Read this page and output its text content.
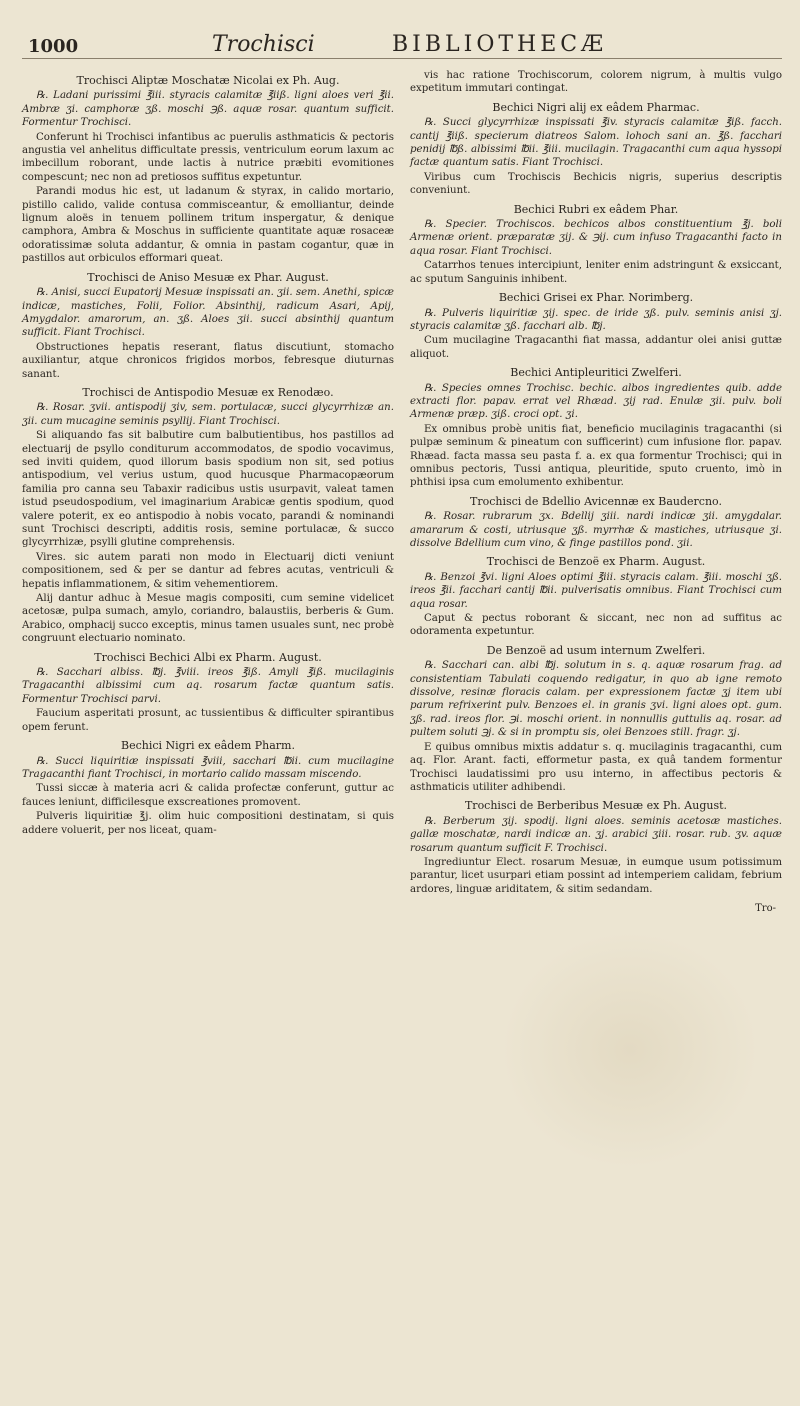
1000	Trochisci	BIBLIOTHECÆ

Trochisci Aliptæ Moschatæ Nicolai ex Ph. Aug.

℞. Ladani purissimi ℥iii. styracis calamitæ ℥iiß. ligni aloes veri ℥ii. Ambræ ʒi. camphoræ ʒß. moschi ℈ß. aquæ rosar. quantum sufficit. Formentur Trochisci.

Conferunt hi Trochisci infantibus ac puerulis asthmaticis & pectoris angustia vel anhelitus difficultate pressis, ventriculum eorum laxum ac imbecillum roborant, unde lactis à nutrice præbiti evomitiones compescunt; nec non ad pretiosos suffitus expetuntur.

Parandi modus hic est, ut ladanum & styrax, in calido mortario, pistillo calido, valide contusa commisceantur, & emolliantur, deinde lignum aloës in tenuem pollinem tritum inspergatur, & denique camphora, Ambra & Moschus in sufficiente quantitate aquæ rosaceæ odoratissimæ soluta addantur, & omnia in pastam cogantur, quæ in pastillos aut orbiculos efformari queat.

Trochisci de Aniso Mesuæ ex Phar. August.

℞. Anisi, succi Eupatorij Mesuæ inspissati an. ʒii. sem. Anethi, spicæ indicæ, mastiches, Folii, Folior. Absinthij, radicum Asari, Apij, Amygdalor. amarorum, an. ʒß. Aloes ʒii. succi absinthij quantum sufficit. Fiant Trochisci.

Obstructiones hepatis reserant, flatus discutiunt, stomacho auxiliantur, atque chronicos frigidos morbos, febresque diuturnas sanant.

Trochisci de Antispodio Mesuæ ex Renodæo.

℞. Rosar. ʒvii. antispodij ʒiv, sem. portulacæ, succi glycyrrhizæ an. ʒii. cum mucagine seminis psyllij. Fiant Trochisci.

Si aliquando fas sit balbutire cum balbutientibus, hos pastillos ad electuarij de psyllo conditurum accommodatos, de spodio vocavimus, sed inviti quidem, quod illorum basis spodium non sit, sed potius antispodium, vel verius ustum, quod hucusque Pharmacopæorum familia pro canna seu Tabaxir radicibus ustis usurpavit, valeat tamen istud pseudospodium, vel imaginarium Arabicæ gentis spodium, quod valere poterit, ex eo antispodio à nobis vocato, parandi & nominandi sunt Trochisci descripti, additis rosis, semine portulacæ, & succo glycyrrhizæ, psylli glutine comprehensis.

Vires. sic autem parati non modo in Electuarij dicti veniunt compositionem, sed & per se dantur ad febres acutas, ventriculi & hepatis inflammationem, & sitim vehementiorem.

Alij dantur adhuc à Mesue magis compositi, cum semine videlicet acetosæ, pulpa sumach, amylo, coriandro, balaustiis, berberis & Gum. Arabico, omphacij succo exceptis, minus tamen usuales sunt, nec probè congruunt electuario nominato.

Trochisci Bechici Albi ex Pharm. August.

℞. Sacchari albiss. ℔j. ℥viii. ireos ℥iß. Amyli ℥iß. mucilaginis Tragacanthi albissimi cum aq. rosarum factæ quantum satis. Formentur Trochisci parvi.

Faucium asperitati prosunt, ac tussientibus & difficulter spirantibus opem ferunt.

Bechici Nigri ex eâdem Pharm.

℞. Succi liquiritiæ inspissati ℥viii, sacchari ℔ii. cum mucilagine Tragacanthi fiant Trochisci, in mortario calido massam miscendo.

Tussi siccæ à materia acri & calida profectæ conferunt, guttur ac fauces leniunt, difficilesque exscreationes promovent.

Pulveris liquiritiæ ℥j. olim huic compositioni destinatam, si quis addere voluerit, per nos liceat, quam-

vis hac ratione Trochiscorum, colorem nigrum, à multis vulgo expetitum immutari contingat.

Bechici Nigri alij ex eâdem Pharmac.

℞. Succi glycyrrhizæ inspissati ℥iv. styracis calamitæ ℥iß. facch. cantij ℥iiß. specierum diatreos Salom. lohoch sani an. ℥ß. facchari penidij ℔ß. albissimi ℔ii. ℥iii. mucilagin. Tragacanthi cum aqua hyssopi factæ quantum satis. Fiant Trochisci.

Viribus cum Trochiscis Bechicis nigris, superius descriptis conveniunt.

Bechici Rubri ex eâdem Phar.

℞. Specier. Trochiscos. bechicos albos constituentium ℥j. boli Armenæ orient. præparatæ ʒij. & ℈ij. cum infuso Tragacanthi facto in aqua rosar. Fiant Trochisci.

Catarrhos tenues intercipiunt, leniter enim adstringunt & exsiccant, ac sputum Sanguinis inhibent.

Bechici Grisei ex Phar. Norimberg.

℞. Pulveris liquiritiæ ʒij. spec. de iride ʒß. pulv. seminis anisi ʒj. styracis calamitæ ʒß. facchari alb. ℔j.

Cum mucilagine Tragacanthi fiat massa, addantur olei anisi guttæ aliquot.

Bechici Antipleuritici Zwelferi.

℞. Species omnes Trochisc. bechic. albos ingredientes quib. adde extracti flor. papav. errat vel Rhæad. ʒij rad. Enulæ ʒii. pulv. boli Armenæ præp. ʒiß. croci opt. ʒi.

Ex omnibus probè unitis fiat, beneficio mucilaginis tragacanthi (si pulpæ seminum & pineatum con sufficerint) cum infusione flor. papav. Rhæad. facta massa seu pasta f. a. ex qua formentur Trochisci; qui in omnibus pectoris, Tussi antiqua, pleuritide, sputo cruento, imò in phthisi ipsa cum emolumento exhibentur.

Trochisci de Bdellio Avicennæ ex Baudercno.

℞. Rosar. rubrarum ʒx. Bdellij ʒiii. nardi indicæ ʒii. amygdalar. amararum & costi, utriusque ʒß. myrrhæ & mastiches, utriusque ʒi. dissolve Bdellium cum vino, & finge pastillos pond. ʒii.

Trochisci de Benzoë ex Pharm. August.

℞. Benzoi ℥vi. ligni Aloes optimi ℥iii. styracis calam. ℥iii. moschi ʒß. ireos ℥ii. facchari cantij ℔ii. pulverisatis omnibus. Fiant Trochisci cum aqua rosar.

Caput & pectus roborant & siccant, nec non ad suffitus ac odoramenta expetuntur.

De Benzoë ad usum internum Zwelferi.

℞. Sacchari can. albi ℔j. solutum in s. q. aquæ rosarum frag. ad consistentiam Tabulati coquendo redigatur, in quo ab igne remoto dissolve, resinæ floracis calam. per expressionem factæ ʒj item ubi parum refrixerint pulv. Benzoes el. in granis ʒvi. ligni aloes opt. gum. ʒß. rad. ireos flor. ℈i. moschi orient. in nonnullis guttulis aq. rosar. ad pultem soluti ℈j. & si in promptu sis, olei Benzoes still. fragr. ʒj.

E quibus omnibus mixtis addatur s. q. mucilaginis tragacanthi, cum aq. Flor. Arant. facti, efformetur pasta, ex quâ tandem formentur Trochisci laudatissimi pro usu interno, in affectibus pectoris & asthmaticis utiliter adhibendi.

Trochisci de Berberibus Mesuæ ex Ph. August.

℞. Berberum ʒij. spodij. ligni aloes. seminis acetosæ mastiches. gallæ moschatæ, nardi indicæ an. ʒj. arabici ʒiii. rosar. rub. ʒv. aquæ rosarum quantum sufficit F. Trochisci.

Ingrediuntur Elect. rosarum Mesuæ, in eumque usum potissimum parantur, licet usurpari etiam possint ad intemperiem calidam, febrium ardores, linguæ ariditatem, & sitim sedandam.

Tro-
